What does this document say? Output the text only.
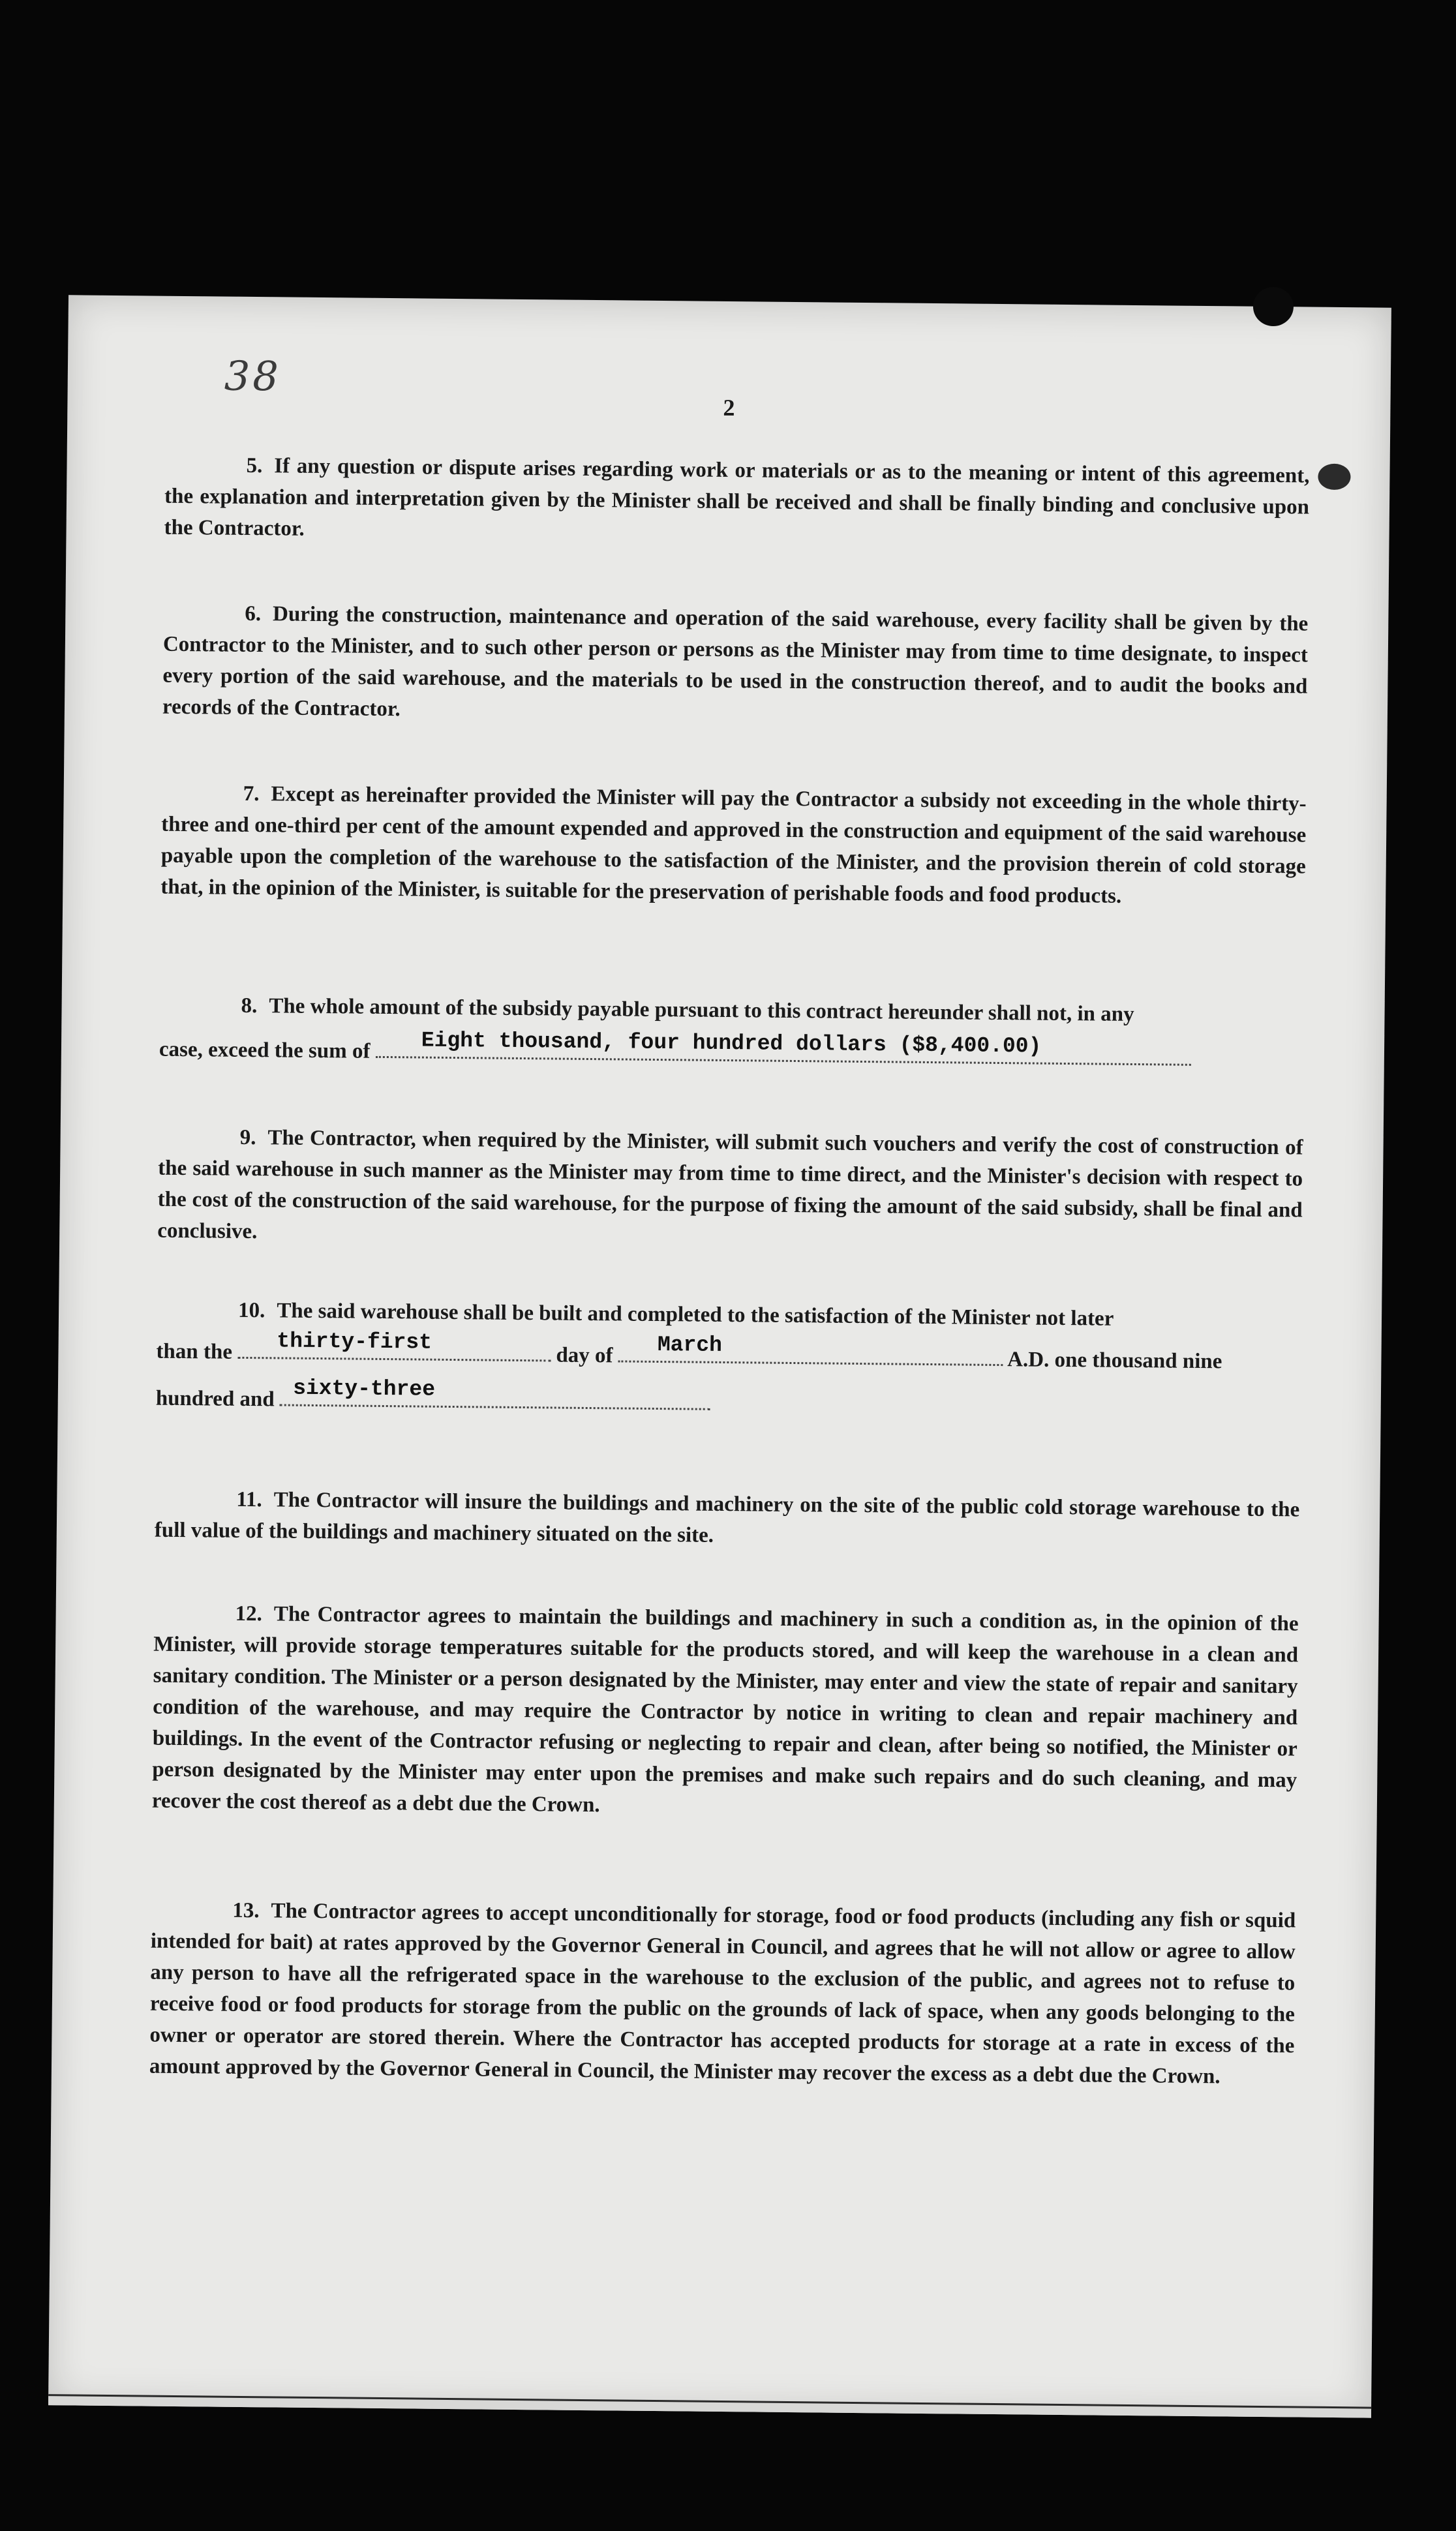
38
2
5. If any question or dispute arises regarding work or materials or as to the meaning or intent of this agreement, the explanation and interpretation given by the Minister shall be received and shall be finally binding and conclusive upon the Contractor.
6. During the construction, maintenance and operation of the said warehouse, every facility shall be given by the Contractor to the Minister, and to such other person or persons as the Minister may from time to time designate, to inspect every portion of the said warehouse, and the materials to be used in the construction thereof, and to audit the books and records of the Contractor.
7. Except as hereinafter provided the Minister will pay the Contractor a subsidy not exceeding in the whole thirty-three and one-third per cent of the amount expended and approved in the construction and equipment of the said warehouse payable upon the completion of the warehouse to the satisfaction of the Minister, and the provision therein of cold storage that, in the opinion of the Minister, is suitable for the preservation of perishable foods and food products.
8. The whole amount of the subsidy payable pursuant to this contract hereunder shall not, in any
case, exceed the sum of Eight thousand, four hundred dollars ($8,400.00)
9. The Contractor, when required by the Minister, will submit such vouchers and verify the cost of construction of the said warehouse in such manner as the Minister may from time to time direct, and the Minister's decision with respect to the cost of the construction of the said warehouse, for the purpose of fixing the amount of the said subsidy, shall be final and conclusive.
10. The said warehouse shall be built and completed to the satisfaction of the Minister not later
than the thirty-first
day of March
A.D. one thousand nine
hundred and sixty-three
11. The Contractor will insure the buildings and machinery on the site of the public cold storage warehouse to the full value of the buildings and machinery situated on the site.
12. The Contractor agrees to maintain the buildings and machinery in such a condition as, in the opinion of the Minister, will provide storage temperatures suitable for the products stored, and will keep the warehouse in a clean and sanitary condition. The Minister or a person designated by the Minister, may enter and view the state of repair and sanitary condition of the warehouse, and may require the Contractor by notice in writing to clean and repair machinery and buildings. In the event of the Contractor refusing or neglecting to repair and clean, after being so notified, the Minister or person designated by the Minister may enter upon the premises and make such repairs and do such cleaning, and may recover the cost thereof as a debt due the Crown.
13. The Contractor agrees to accept unconditionally for storage, food or food products (including any fish or squid intended for bait) at rates approved by the Governor General in Council, and agrees that he will not allow or agree to allow any person to have all the refrigerated space in the warehouse to the exclusion of the public, and agrees not to refuse to receive food or food products for storage from the public on the grounds of lack of space, when any goods belonging to the owner or operator are stored therein. Where the Contractor has accepted products for storage at a rate in excess of the amount approved by the Governor General in Council, the Minister may recover the excess as a debt due the Crown.
